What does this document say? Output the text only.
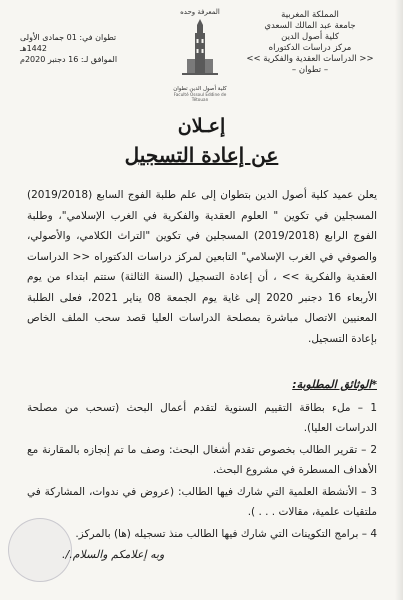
المملكة المغربية
جامعة عبد المالك السعدي
كلية أصول الدين
مركز دراسات الدكتوراه
<< الدراسات العقدية والفكرية >>
– تطوان –
المعرفة وحده
كلية أصول الدين تطوان
Faculté Ossoul Eddine de Tétouan
تطوان في: 01 جمادى الأولى 1442هـ
الموافق لـ: 16 دجنبر 2020م
إعـلان
عن إعادة التسجيل
يعلن عميد كلية أصول الدين بتطوان إلى علم طلبة الفوج السابع (2019/2018) المسجلين في تكوين " العلوم العقدية والفكرية في الغرب الإسلامي"، وطلبة الفوج الرابع (2019/2018) المسجلين في تكوين "التراث الكلامي، والأصولي، والصوفي في الغرب الإسلامي" التابعين لمركز دراسات الدكتوراه << الدراسات العقدية والفكرية >> ، أن إعادة التسجيل (السنة الثالثة) ستتم ابتداء من يوم الأربعاء 16 دجنبر 2020 إلى غاية يوم الجمعة 08 يناير 2021، فعلى الطلبة المعنيين الاتصال مباشرة بمصلحة الدراسات العليا قصد سحب الملف الخاص بإعادة التسجيل.
*الوثائق المطلوبة:
1 – ملء بطاقة التقييم السنوية لتقدم أعمال البحث (تسحب من مصلحة الدراسات العليا).
2 – تقرير الطالب بخصوص تقدم أشغال البحث: وصف ما تم إنجازه بالمقارنة مع الأهداف المسطرة في مشروع البحث.
3 – الأنشطة العلمية التي شارك فيها الطالب: (عروض في ندوات، المشاركة في ملتقيات علمية، مقالات . . . ).
4 – برامج التكوينات التي شارك فيها الطالب منذ تسجيله (ها) بالمركز.
وبه إعلامكم والسلام./.
